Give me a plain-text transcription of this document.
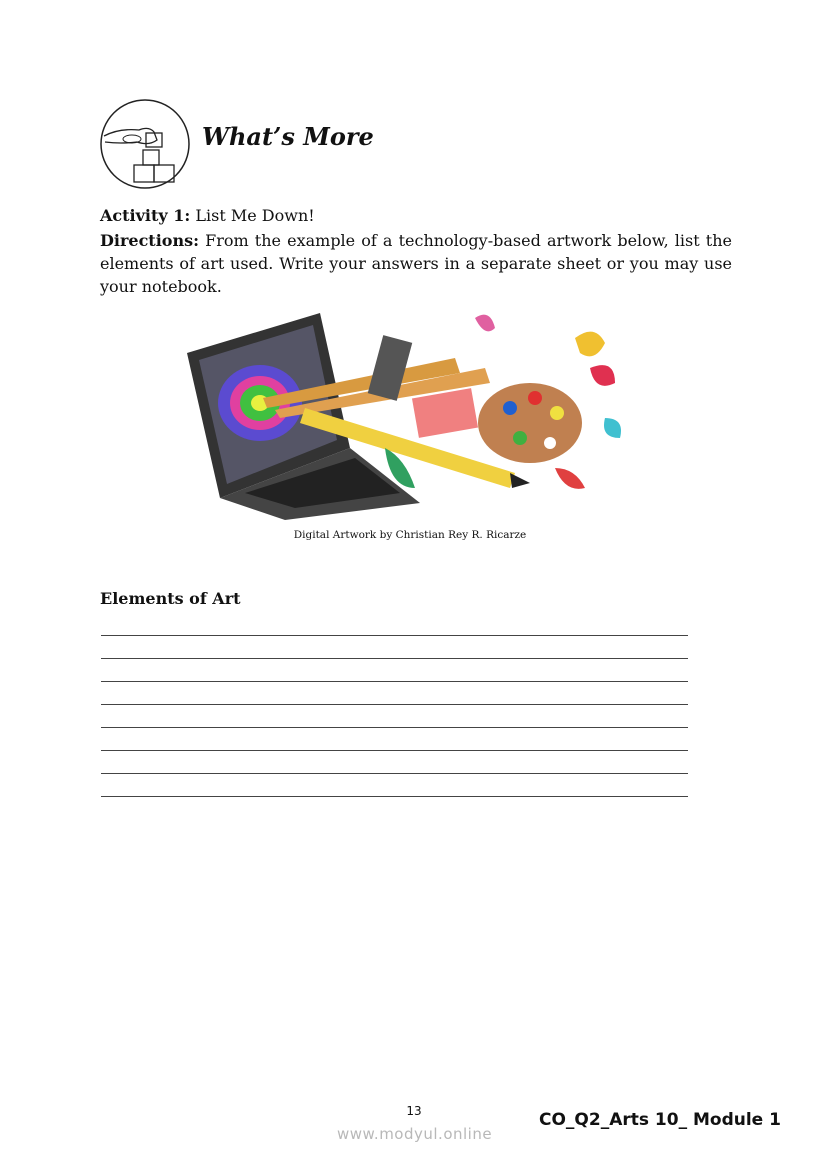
What’s More
Activity 1: List Me Down!
Directions: From the example of a technology-based artwork below, list the elements of art used. Write your answers in a separate sheet or you may use your notebook.
Digital Artwork by Christian Rey R. Ricarze
Elements of Art
13
www.modyul.online
CO_Q2_Arts 10_ Module 1
